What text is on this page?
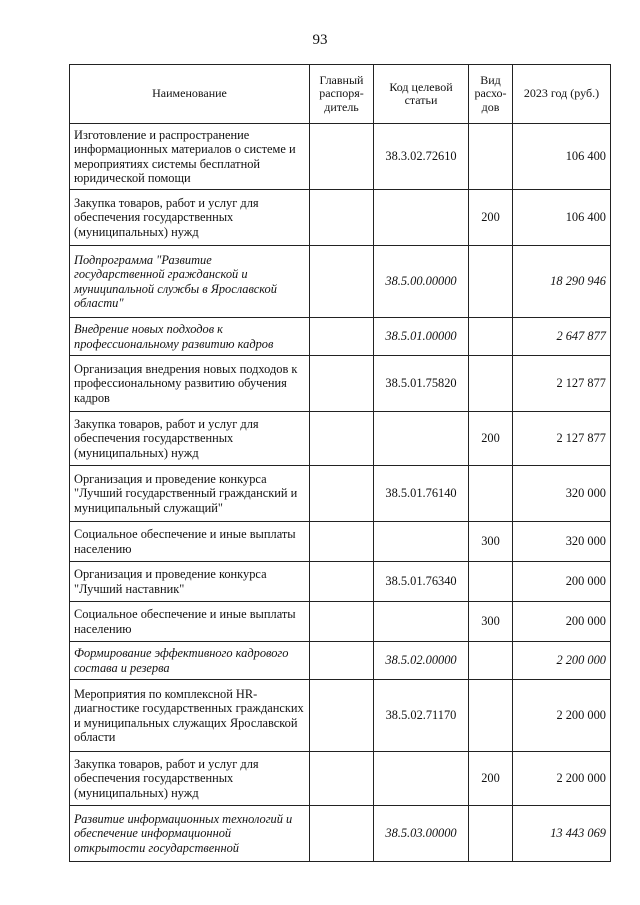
93
Наименование	Главный распоря-дитель	Код целевой статьи	Вид расхо-дов	2023 год (руб.)
Изготовление и распространение информационных материалов о системе и мероприятиях системы бесплатной юридической помощи		38.3.02.72610		106 400
Закупка товаров, работ и услуг для обеспечения государственных (муниципальных) нужд			200	106 400
Подпрограмма "Развитие государственной гражданской и муниципальной службы в Ярославской области"		38.5.00.00000		18 290 946
Внедрение новых подходов к профессиональному развитию кадров		38.5.01.00000		2 647 877
Организация внедрения новых подходов к профессиональному развитию обучения кадров		38.5.01.75820		2 127 877
Закупка товаров, работ и услуг для обеспечения государственных (муниципальных) нужд			200	2 127 877
Организация и проведение конкурса "Лучший государственный гражданский и муниципальный служащий"		38.5.01.76140		320 000
Социальное обеспечение и иные выплаты населению			300	320 000
Организация и проведение конкурса "Лучший наставник"		38.5.01.76340		200 000
Социальное обеспечение и иные выплаты населению			300	200 000
Формирование эффективного кадрового состава и резерва		38.5.02.00000		2 200 000
Мероприятия по комплексной HR-диагностике государственных гражданских и муниципальных служащих Ярославской области		38.5.02.71170		2 200 000
Закупка товаров, работ и услуг для обеспечения государственных (муниципальных) нужд			200	2 200 000
Развитие информационных технологий и обеспечение информационной открытости государственной		38.5.03.00000		13 443 069
